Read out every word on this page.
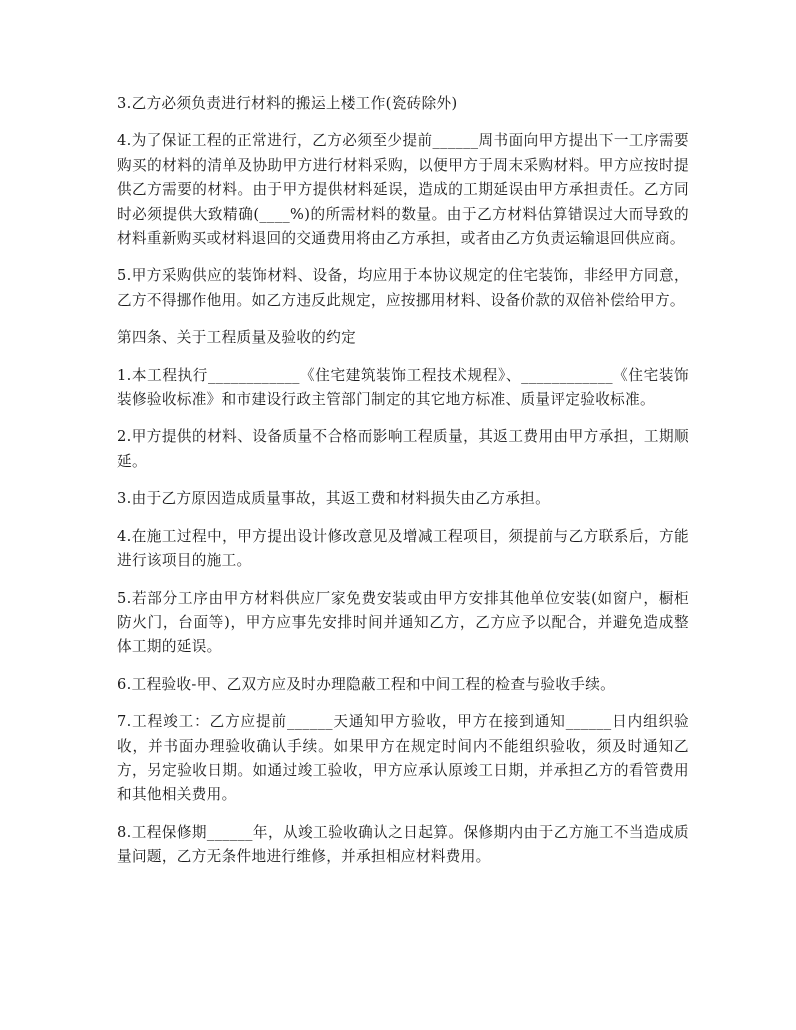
3.乙方必须负责进行材料的搬运上楼工作(瓷砖除外)

4.为了保证工程的正常进行，乙方必须至少提前______周书面向甲方提出下一工序需要购买的材料的清单及协助甲方进行材料采购，以便甲方于周末采购材料。甲方应按时提供乙方需要的材料。由于甲方提供材料延误，造成的工期延误由甲方承担责任。乙方同时必须提供大致精确(____%)的所需材料的数量。由于乙方材料估算错误过大而导致的材料重新购买或材料退回的交通费用将由乙方承担，或者由乙方负责运输退回供应商。

5.甲方采购供应的装饰材料、设备，均应用于本协议规定的住宅装饰，非经甲方同意，乙方不得挪作他用。如乙方违反此规定，应按挪用材料、设备价款的双倍补偿给甲方。

第四条、关于工程质量及验收的约定

1.本工程执行____________《住宅建筑装饰工程技术规程》、____________《住宅装饰装修验收标准》和市建设行政主管部门制定的其它地方标准、质量评定验收标准。

2.甲方提供的材料、设备质量不合格而影响工程质量，其返工费用由甲方承担，工期顺延。

3.由于乙方原因造成质量事故，其返工费和材料损失由乙方承担。

4.在施工过程中，甲方提出设计修改意见及增减工程项目，须提前与乙方联系后，方能进行该项目的施工。

5.若部分工序由甲方材料供应厂家免费安装或由甲方安排其他单位安装(如窗户，橱柜防火门，台面等)，甲方应事先安排时间并通知乙方，乙方应予以配合，并避免造成整体工期的延误。

6.工程验收-甲、乙双方应及时办理隐蔽工程和中间工程的检查与验收手续。

7.工程竣工：乙方应提前______天通知甲方验收，甲方在接到通知______日内组织验收，并书面办理验收确认手续。如果甲方在规定时间内不能组织验收，须及时通知乙方，另定验收日期。如通过竣工验收，甲方应承认原竣工日期，并承担乙方的看管费用和其他相关费用。

8.工程保修期______年，从竣工验收确认之日起算。保修期内由于乙方施工不当造成质量问题，乙方无条件地进行维修，并承担相应材料费用。
